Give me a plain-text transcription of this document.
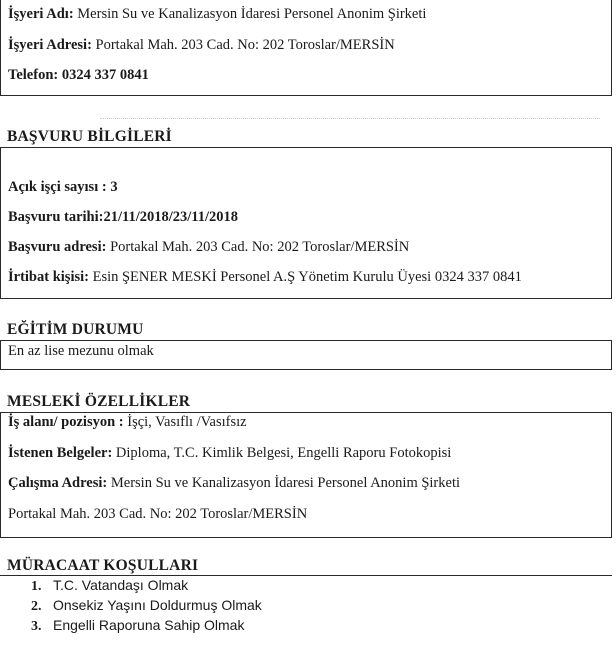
İşyeri Adı: Mersin Su ve Kanalizasyon İdaresi Personel Anonim Şirketi
İşyeri Adresi: Portakal Mah. 203 Cad. No: 202 Toroslar/MERSİN
Telefon: 0324 337 0841
BAŞVURU BİLGİLERİ
Açık işçi sayısı : 3
Başvuru tarihi:21/11/2018/23/11/2018
Başvuru adresi: Portakal Mah. 203 Cad. No: 202 Toroslar/MERSİN
İrtibat kişisi: Esin ŞENER MESKİ Personel A.Ş Yönetim Kurulu Üyesi 0324 337 0841
EĞİTİM DURUMU
En az lise mezunu olmak
MESLEKİ ÖZELLİKLER
İş alanı/ pozisyon : İşçi, Vasıflı /Vasıfsız
İstenen Belgeler: Diploma, T.C. Kimlik Belgesi, Engelli Raporu Fotokopisi
Çalışma Adresi: Mersin Su ve Kanalizasyon İdaresi Personel Anonim Şirketi
Portakal Mah. 203 Cad. No: 202 Toroslar/MERSİN
MÜRACAAT KOŞULLARI
1. T.C. Vatandaşı Olmak
2. Onsekiz Yaşını Doldurmuş Olmak
3. Engelli Raporuna Sahip Olmak
